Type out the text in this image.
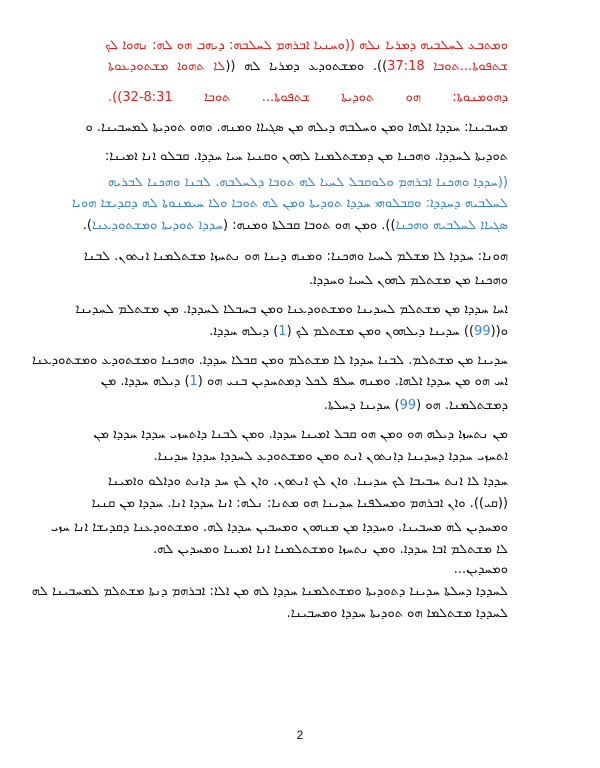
ܘܡܬܒܥ ܠܚܠܒܝܗ ܕܡܪܝܐ ܢܠܗ ((ܘܚܢܝܐ ܐܒܪܗܡ ܠܚܠܒܗ: ܕܝܗܒ ܗܘ ܠܗ: ܢܗܘܐ ܠܟ
ܫܬܦܘܬܐ...ܬܘܒܐ 37:18)). ܘܡܫܬܘܕܥ ܕܡܪܝܐ ܠܗ ((ܠܐ ܬܗܘܐ ܡܫܬܘܕܥܘܬܐ
ܕܗܘܡܢܘܬܐ: ܗܘ ܬܘܕܝܬܐ ܫܬܦܘܬܐ... ܬܘܒܐ 8:31-32)).
ܡܚܒܝܢܐ: ܚܕܕܐ ܐܠܗܐ ܘܡܢ ܘܚܠܒܗ ܕܝܠܗ ܡܢ ܣܓܝܐܐ ܘܡܢܗ. ܘܗܘ ܬܘܕܝܬܐ ܠܡܚܒܝܢܐ. ܘ
ܬܘܕܝܬܐ ܠܚܕܕܐ. ܘܗܟܢܐ ܡܢ ܕܡܫܬܠܡܢܐ ܠܗܘܢ ܘܩܢܝܐ ܚܝܐ ܚܕܕܐ. ܩܒܠܘ ܐܢܐ ܐܡܝܢܐ:
((ܚܕܕܐ ܘܗܟܢܐ ܐܒܪܗܡ ܘܠܘܩܒܠ ܠܚܝܐ ܠܗ ܬܘܒܐ ܕܠܚܠܒܗ. ܠܒܢܐ ܘܗܟܢܐ ܠܒܪܝܗ
ܠܚܠܒܝܗ ܕܚܕܕܐ: ܘܩܒܠܘܗܝ ܚܕܕܐ ܬܘܕܝܬܐ ܘܡܢ ܠܗ ܬܘܒܐ ܘܠܐ ܚܝܡܢܘܬܐ ܠܗ ܕܩܕܝܫܐ ܗܘܝܐ
ܣܓܝܐܐ ܠܚܠܒܝܗ ܘܗܟܢܐ)). ܘܡܢ ܗܘ ܬܘܒܐ ܩܒܠܬܐ ܘܡܢܗ: (ܚܕܕܐ ܬܘܕܝܬܐ ܘܡܫܬܘܕܥܢܐ).
ܗܘܢܐ: ܚܕܕܐ ܠܐ ܡܫܠܡ ܠܚܝܐ ܘܗܟܢܐ: ܘܡܢܗ ܕܝܢܐ ܗܘ ܢܬܚܙܐ ܡܫܬܠܡܢܐ ܐܢܬܘܢ. ܠܒܢܐ
ܘܗܟܢܐ ܡܢ ܡܫܬܠܡ ܠܗܘܢ ܠܚܝܐ ܘܚܕܕܐ.
ܐܚܐ ܚܕܕܐ ܡܢ ܡܫܬܠܡ ܠܚܕܝܢܐ ܘܡܫܬܘܕܥܢܐ ܘܡܢ ܒܚܒܠܐ ܠܚܕܕܐ. ܡܢ ܡܫܬܠܡ ܠܚܕܝܢܐ
ܘ((99)) ܚܕܝܢܐ ܕܝܠܗܘܢ ܘܡܢ ܡܫܬܠܡ ܠܟ (1) ܕܝܠܗ ܚܕܕܐ.
ܚܕܝܢܐ ܡܢ ܡܫܬܠܡ. ܠܒܢܐ ܚܕܕܐ ܠܐ ܡܫܬܠܡ ܘܡܢ ܩܒܠܐ ܚܕܕܐ. ܘܗܟܢܐ ܘܡܫܬܘܕܥ ܘܡܫܬܘܕܥܢܐ
ܐܚ ܗܘ ܡܢ ܚܕܕܐ ܐܠܗܐ. ܘܡܢܗ ܚܠܦ ܠܟܠ ܕܡܬܚܕܝܢ ܒܢܝ ܗܘ (1) ܕܝܠܗ ܚܕܕܐ. ܡܢ
ܕܡܫܬܠܡܢܐ. ܗܘ (99) ܚܕܝܢܐ ܕܚܠܬܐ.
ܡܢ ܢܬܚܙܐ ܕܝܠܗ ܗܘ ܘܡܢ ܗܘ ܩܒܠ ܐܡܝܢܐ ܚܕܕܐ. ܘܡܢ ܠܒܢܐ ܕܐܬܚܙܝ ܚܕܕܐ ܚܕܕܐ ܡܢ
ܐܬܚܙܝ ܚܕܕܐ ܕܚܕܝܢܐ ܕܐܢܬܘܢ ܐܢܬ ܘܡܢ ܘܡܫܬܘܕܥ ܠܚܕܕܐ ܚܕܕܐ ܚܕܝܢܐ.
ܚܕܕܐ ܠܐ ܐܢܬ ܚܒܝܒܐ ܠܟ ܚܕܝܢܐ. ܘܐܢ ܠܟ ܐܢܬܘܢ. ܘܐܢ ܠܟ ܚܕ ܕܐܢܬ ܘܕܐܠܘ ܘܐܡܝܢܐ
((ܩܝ)). ܘܐܢ ܐܒܪܗܡ ܘܡܚܠܦܢܐ ܚܕܝܢܐ ܗܘ ܡܬܢܐ: ܢܠܗ: ܐܢܐ ܚܕܕܐ ܐܢܐ. ܚܕܕܐ ܡܢ ܩܢܝܐ
ܘܡܚܕܝܢ ܠܗ ܡܚܒܝܢܐ. ܘܚܕܕܐ ܡܢ ܡܢܗܘܢ ܘܡܚܒܝܢ ܚܕܕܐ ܠܗ. ܘܡܫܬܘܕܥܢܐ ܕܩܕܝܫܐ ܐܢܐ ܚܙܝ
ܠܐ ܡܫܬܠܡ ܐܒܐ ܚܕܕܐ. ܘܡܢ ܢܬܚܙܐ ܘܡܫܬܠܡܢܐ ܐܢܐ ܐܡܝܢܐ ܘܡܚܕܝܢ ܠܗ.
ܘܡܚܕܝܢ...
ܠܚܕܕܐ ܕܚܠܬܐ ܚܕܝܢܐ ܕܬܘܕܝܬܐ ܘܡܫܬܠܡܢܐ ܚܕܕܐ ܠܗ ܡܢ ܐܠܐ: ܐܒܪܗܡ ܕܢܬܐ ܡܫܬܠܡ ܠܡܚܒܝܢܐ ܠܗ
ܠܚܕܕܐ ܡܫܬܠܡܐ ܗܘ ܬܘܕܝܬܐ ܚܕܕܐ ܘܡܚܒܝܢܐ.
2
